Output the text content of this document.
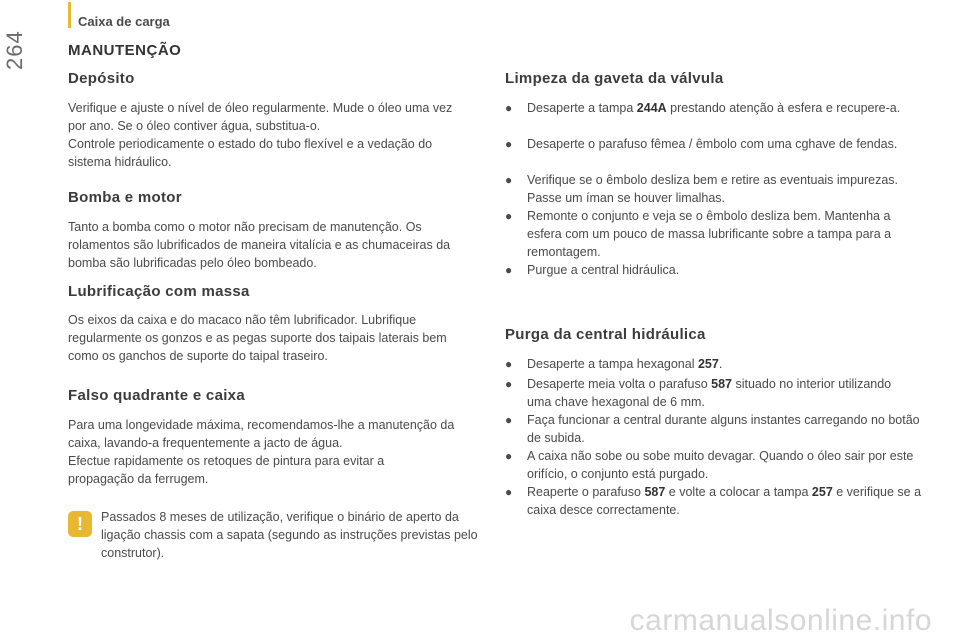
264
Caixa de carga
MANUTENÇÃO
Depósito

Verifique e ajuste o nível de óleo regularmente. Mude o óleo uma vez por ano. Se o óleo contiver água, substitua-o.

Controle periodicamente o estado do tubo flexível e a vedação do sistema hidráulico.

Bomba e motor

Tanto a bomba como o motor não precisam de manutenção. Os rolamentos são lubrificados de maneira vitalícia e as chumaceiras da bomba são lubrificadas pelo óleo bombeado.

Lubrificação com massa

Os eixos da caixa e do macaco não têm lubrificador. Lubrifique regularmente os gonzos e as pegas suporte dos taipais laterais bem como os ganchos de suporte do taipal traseiro.

Falso quadrante e caixa

Para uma longevidade máxima, recomendamos-lhe a manutenção da caixa, lavando-a frequentemente a jacto de água.

Efectue rapidamente os retoques de pintura para evitar a propagação da ferrugem.

!	Passados 8 meses de utilização, verifique o binário de aperto da ligação chassis com a sapata (segundo as instruções previstas pelo construtor).

Limpeza da gaveta da válvula
●	Desaperte a tampa 244A prestando atenção à esfera e recupere-a.
●	Desaperte o parafuso fêmea / êmbolo com uma cghave de fendas.
●	Verifique se o êmbolo desliza bem e retire as eventuais impurezas. Passe um íman se houver limalhas.
●	Remonte o conjunto e veja se o êmbolo desliza bem. Mantenha a esfera com um pouco de massa lubrificante sobre a tampa para a remontagem.
●	Purgue a central hidráulica.
Purga da central hidráulica
●	Desaperte a tampa hexagonal 257.
●	Desaperte meia volta o parafuso 587 situado no interior utilizando uma chave hexagonal de 6 mm.
●	Faça funcionar a central durante alguns instantes carregando no botão de subida.
●	A caixa não sobe ou sobe muito devagar. Quando o óleo sair por este orifício, o conjunto está purgado.
●	Reaperte o parafuso 587 e volte a colocar a tampa 257 e verifique se a caixa desce correctamente.
carmanualsonline.info
